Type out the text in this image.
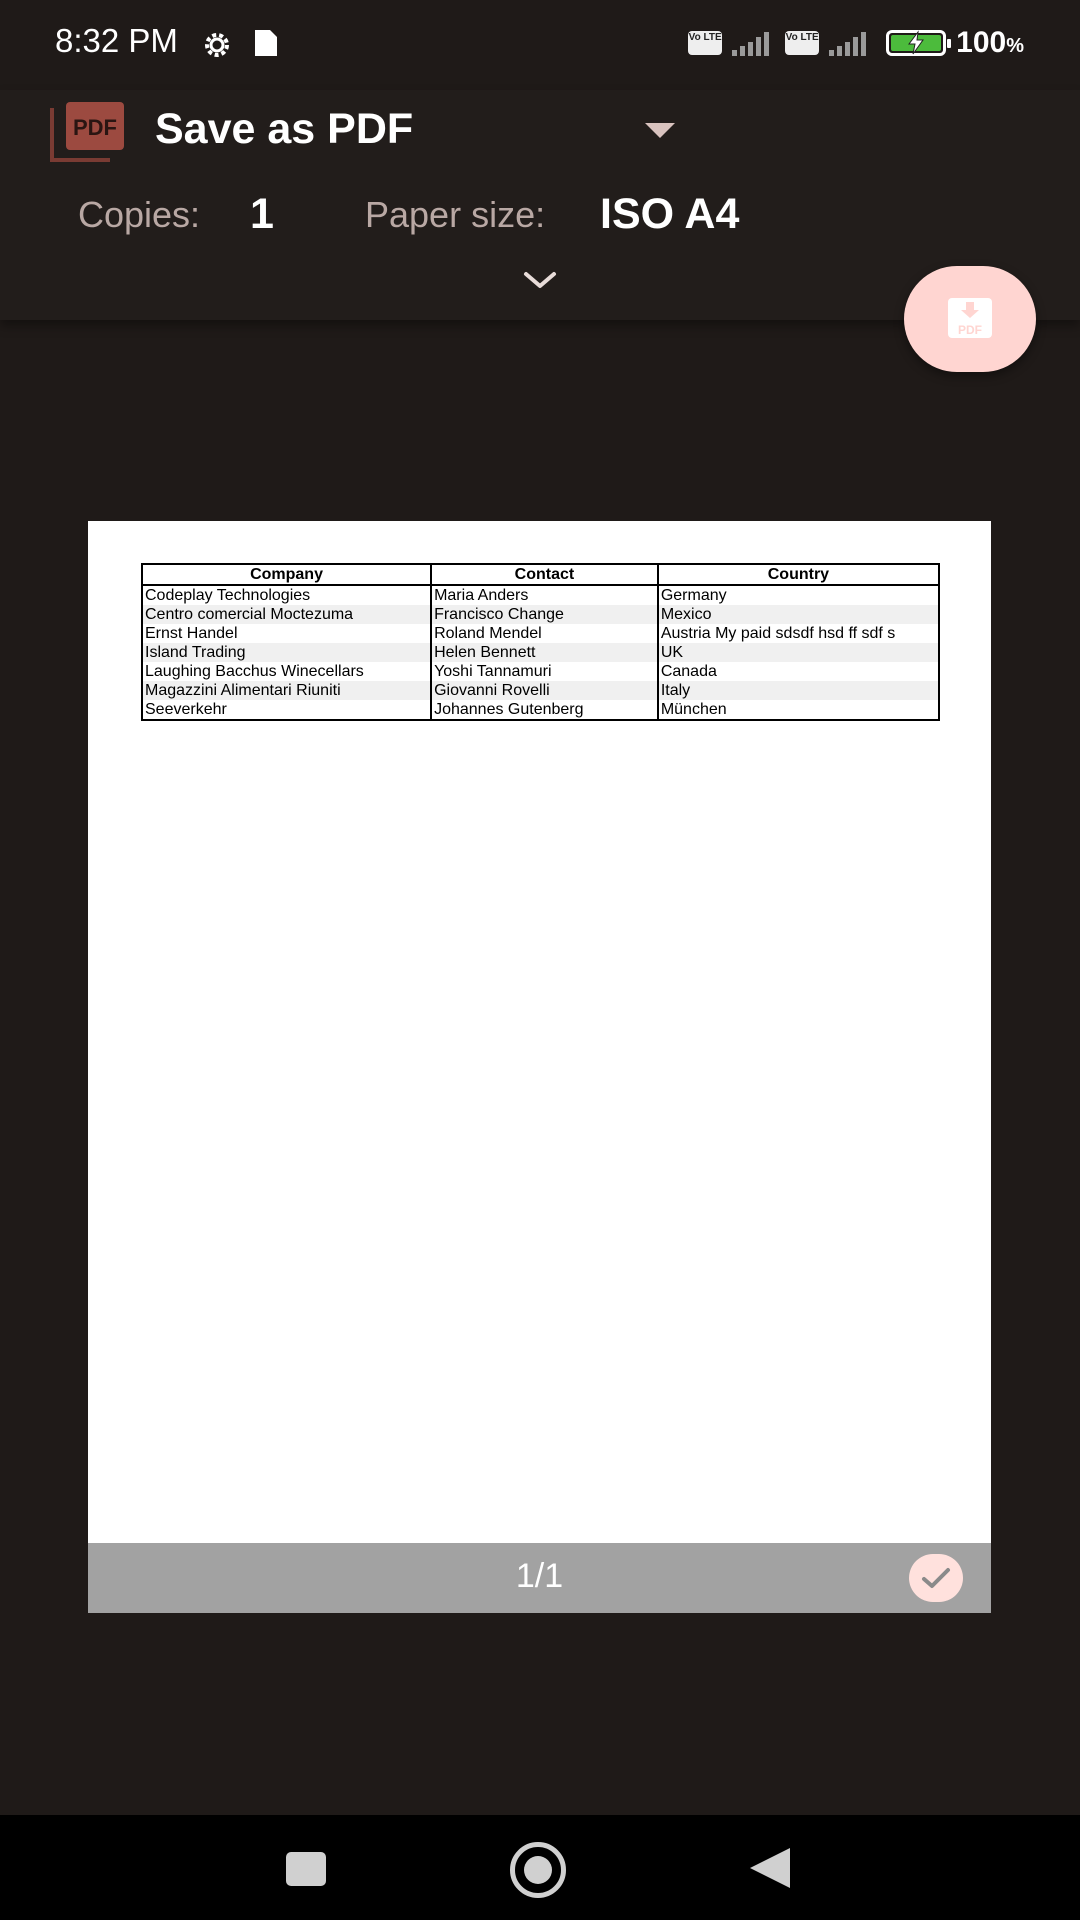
8:32 PM	Vo LTE	Vo LTE	100%
PDF Save as PDF
Copies: 1	Paper size: ISO A4
PDF
Company	Contact	Country
Codeplay Technologies	Maria Anders	Germany
Centro comercial Moctezuma	Francisco Change	Mexico
Ernst Handel	Roland Mendel	Austria My paid sdsdf hsd ff sdf s
Island Trading	Helen Bennett	UK
Laughing Bacchus Winecellars	Yoshi Tannamuri	Canada
Magazzini Alimentari Riuniti	Giovanni Rovelli	Italy
Seeverkehr	Johannes Gutenberg	München
1/1
